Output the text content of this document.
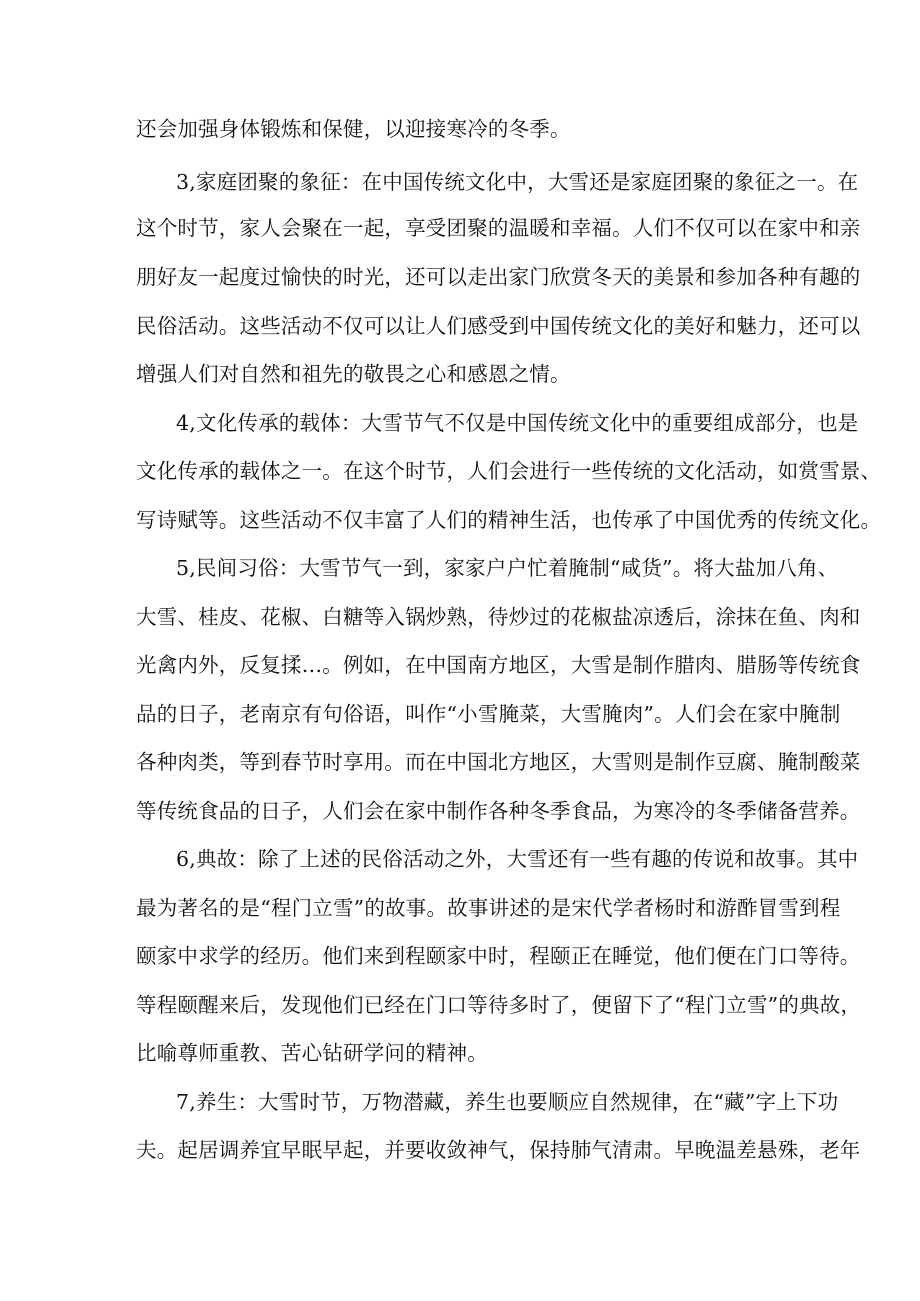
还会加强身体锻炼和保健，以迎接寒冷的冬季。
3,家庭团聚的象征：在中国传统文化中，大雪还是家庭团聚的象征之一。在
这个时节，家人会聚在一起，享受团聚的温暖和幸福。人们不仅可以在家中和亲
朋好友一起度过愉快的时光，还可以走出家门欣赏冬天的美景和参加各种有趣的
民俗活动。这些活动不仅可以让人们感受到中国传统文化的美好和魅力，还可以
增强人们对自然和祖先的敬畏之心和感恩之情。
4,文化传承的载体：大雪节气不仅是中国传统文化中的重要组成部分，也是
文化传承的载体之一。在这个时节，人们会进行一些传统的文化活动，如赏雪景、
写诗赋等。这些活动不仅丰富了人们的精神生活，也传承了中国优秀的传统文化。
5,民间习俗：大雪节气一到，家家户户忙着腌制“咸货”。将大盐加八角、
大雪、桂皮、花椒、白糖等入锅炒熟，待炒过的花椒盐凉透后，涂抹在鱼、肉和
光禽内外，反复揉…。例如，在中国南方地区，大雪是制作腊肉、腊肠等传统食
品的日子，老南京有句俗语，叫作“小雪腌菜，大雪腌肉”。人们会在家中腌制
各种肉类，等到春节时享用。而在中国北方地区，大雪则是制作豆腐、腌制酸菜
等传统食品的日子，人们会在家中制作各种冬季食品，为寒冷的冬季储备营养。
6,典故：除了上述的民俗活动之外，大雪还有一些有趣的传说和故事。其中
最为著名的是“程门立雪”的故事。故事讲述的是宋代学者杨时和游酢冒雪到程
颐家中求学的经历。他们来到程颐家中时，程颐正在睡觉，他们便在门口等待。
等程颐醒来后，发现他们已经在门口等待多时了，便留下了“程门立雪”的典故，
比喻尊师重教、苦心钻研学问的精神。
7,养生：大雪时节，万物潜藏，养生也要顺应自然规律，在“藏”字上下功
夫。起居调养宜早眠早起，并要收敛神气，保持肺气清肃。早晚温差悬殊，老年
